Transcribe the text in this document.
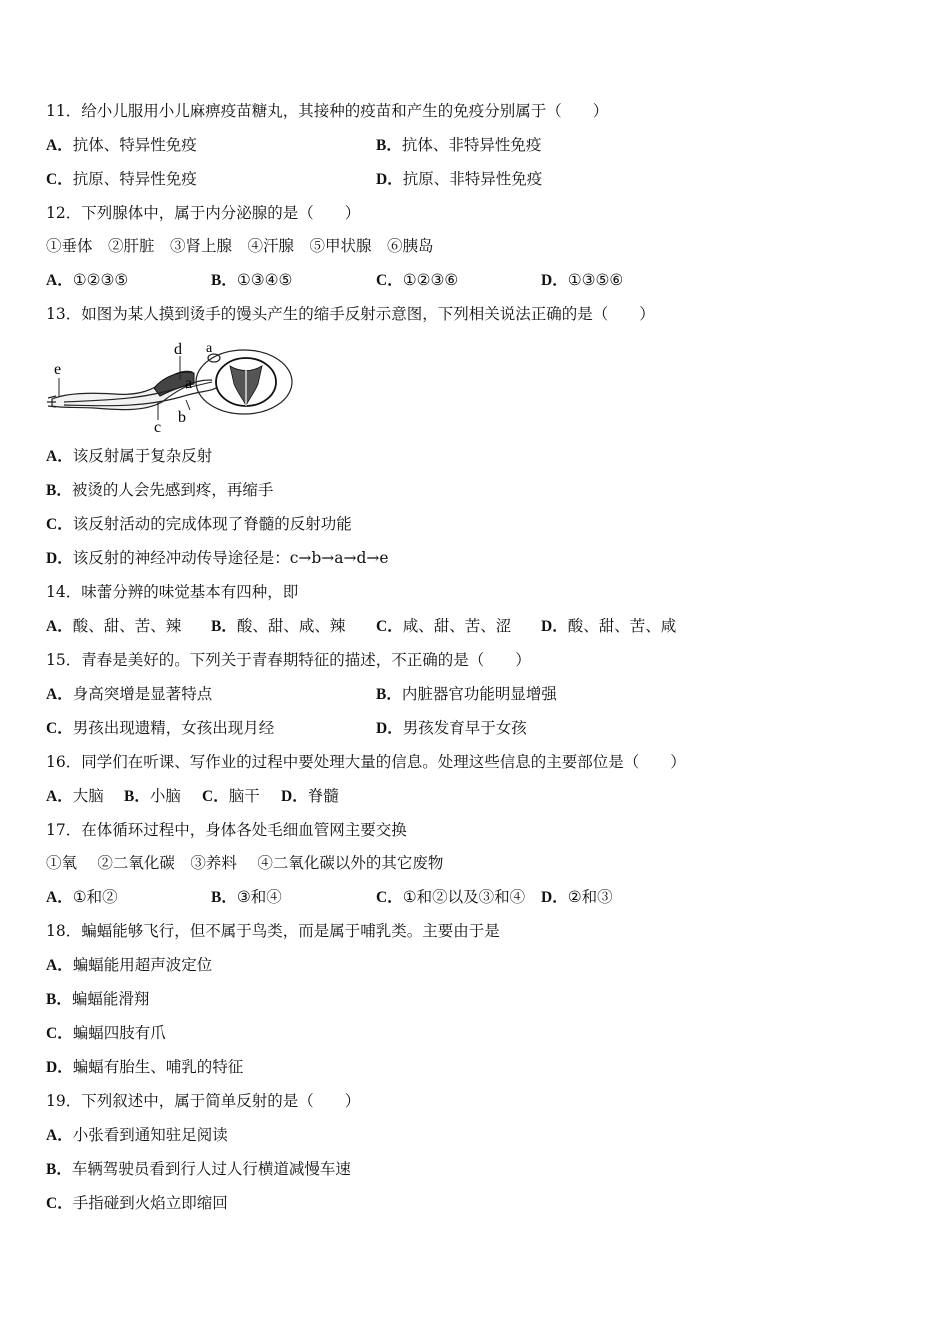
11．给小儿服用小儿麻痹疫苗糖丸，其接种的疫苗和产生的免疫分别属于（　　）
A．抗体、特异性免疫	B．抗体、非特异性免疫
C．抗原、特异性免疫	D．抗原、非特异性免疫
12．下列腺体中，属于内分泌腺的是（　　）
①垂体　②肝脏　③肾上腺　④汗腺　⑤甲状腺　⑥胰岛
A．①②③⑤	B．①③④⑤	C．①②③⑥	D．①③⑤⑥
13．如图为某人摸到烫手的馒头产生的缩手反射示意图，下列相关说法正确的是（　　）
e
d a
a
b
c
A．该反射属于复杂反射
B．被烫的人会先感到疼，再缩手
C．该反射活动的完成体现了脊髓的反射功能
D．该反射的神经冲动传导途径是：c→b→a→d→e
14．味蕾分辨的味觉基本有四种，即
A．酸、甜、苦、辣 B．酸、甜、咸、辣 C．咸、甜、苦、涩 D．酸、甜、苦、咸
15．青春是美好的。下列关于青春期特征的描述，不正确的是（　　）
A．身高突增是显著特点	B．内脏器官功能明显增强
C．男孩出现遗精，女孩出现月经	D．男孩发育早于女孩
16．同学们在听课、写作业的过程中要处理大量的信息。处理这些信息的主要部位是（　　）
A．大脑 B．小脑 C．脑干 D．脊髓
17．在体循环过程中，身体各处毛细血管网主要交换
①氧　 ②二氧化碳　③养料　 ④二氧化碳以外的其它废物
A．①和②	B．③和④	C．①和②以及③和④ D．②和③
18．蝙蝠能够飞行，但不属于鸟类，而是属于哺乳类。主要由于是
A．蝙蝠能用超声波定位
B．蝙蝠能滑翔
C．蝙蝠四肢有爪
D．蝙蝠有胎生、哺乳的特征
19．下列叙述中，属于简单反射的是（　　）
A．小张看到通知驻足阅读
B．车辆驾驶员看到行人过人行横道减慢车速
C．手指碰到火焰立即缩回
